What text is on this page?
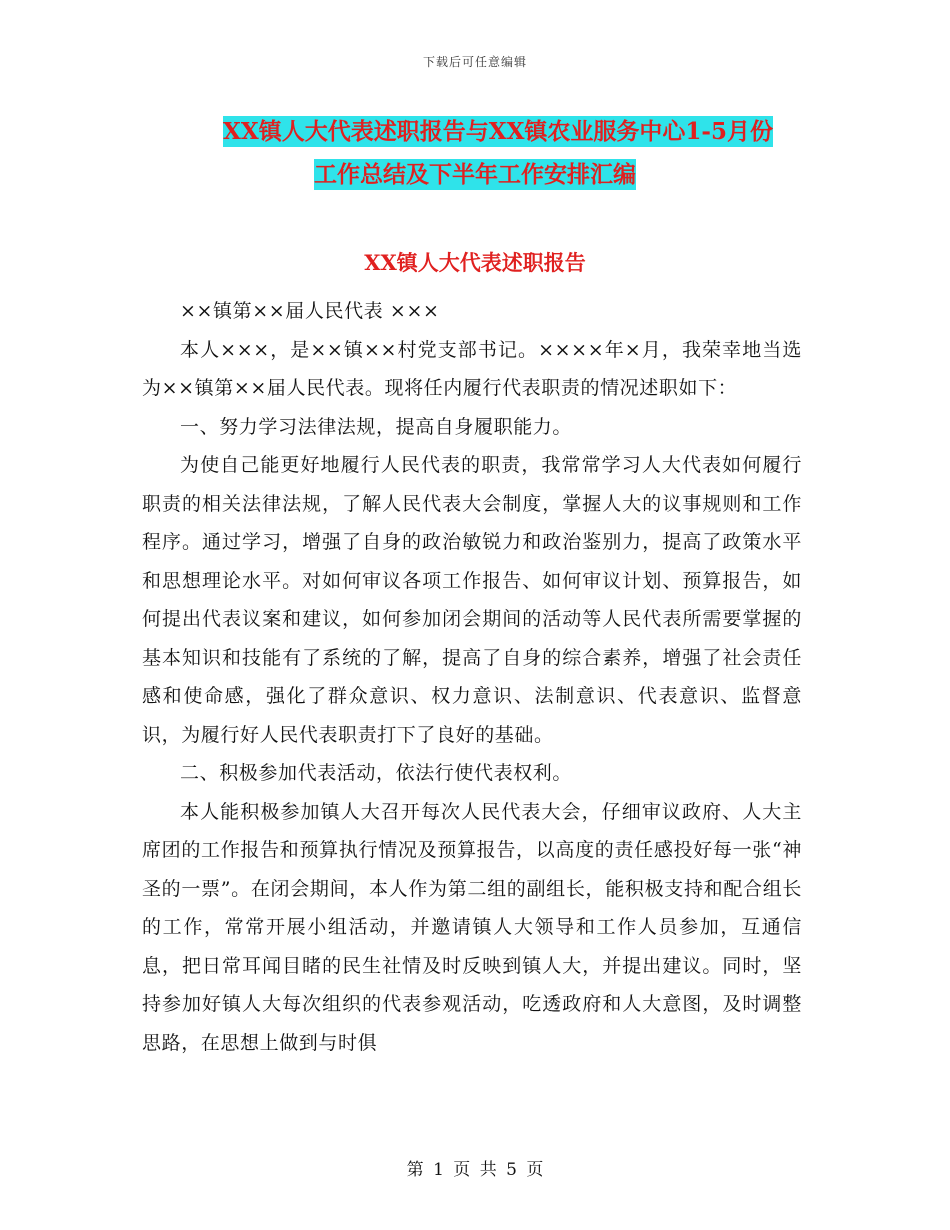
下载后可任意编辑
XX镇人大代表述职报告与XX镇农业服务中心1-5月份
工作总结及下半年工作安排汇编
XX镇人大代表述职报告

××镇第××届人民代表 ×××

本人×××，是××镇××村党支部书记。××××年×月，我荣幸地当选为××镇第××届人民代表。现将任内履行代表职责的情况述职如下：

一、努力学习法律法规，提高自身履职能力。

为使自己能更好地履行人民代表的职责，我常常学习人大代表如何履行职责的相关法律法规，了解人民代表大会制度，掌握人大的议事规则和工作程序。通过学习，增强了自身的政治敏锐力和政治鉴别力，提高了政策水平和思想理论水平。对如何审议各项工作报告、如何审议计划、预算报告，如何提出代表议案和建议，如何参加闭会期间的活动等人民代表所需要掌握的基本知识和技能有了系统的了解，提高了自身的综合素养，增强了社会责任感和使命感，强化了群众意识、权力意识、法制意识、代表意识、监督意识，为履行好人民代表职责打下了良好的基础。

二、积极参加代表活动，依法行使代表权利。

本人能积极参加镇人大召开每次人民代表大会，仔细审议政府、人大主席团的工作报告和预算执行情况及预算报告，以高度的责任感投好每一张“神圣的一票”。在闭会期间，本人作为第二组的副组长，能积极支持和配合组长的工作，常常开展小组活动，并邀请镇人大领导和工作人员参加，互通信息，把日常耳闻目睹的民生社情及时反映到镇人大，并提出建议。同时，坚持参加好镇人大每次组织的代表参观活动，吃透政府和人大意图，及时调整思路，在思想上做到与时俱

第 1 页 共 5 页
